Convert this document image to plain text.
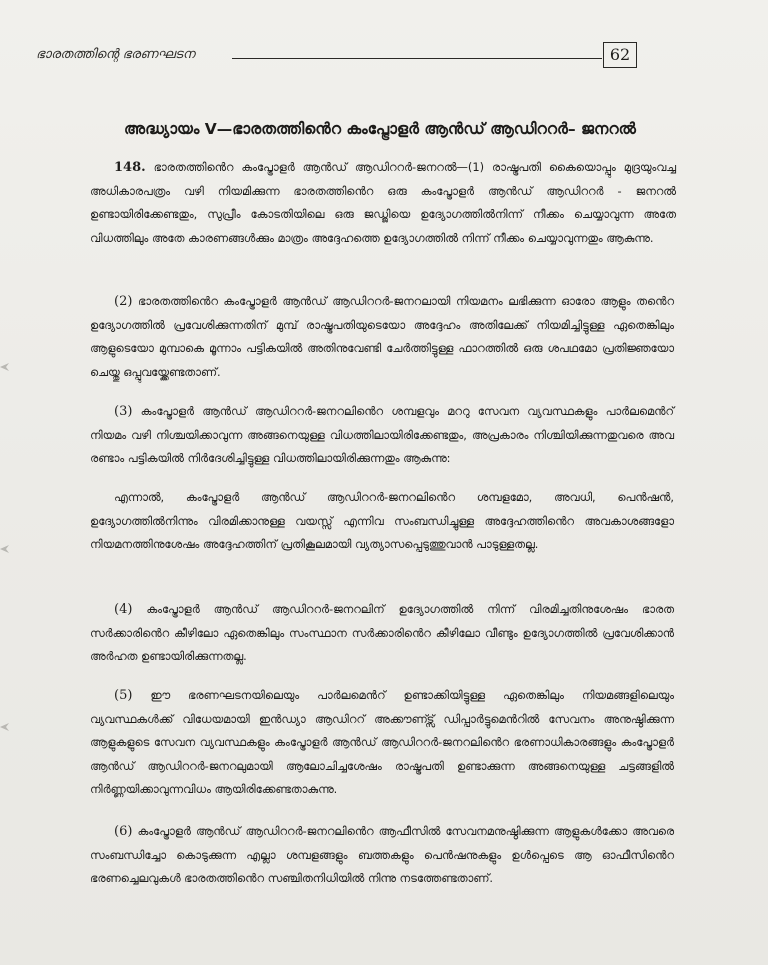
ഭാരതത്തിന്റെ ഭരണഘടന	62
അദ്ധ്യായം V—ഭാരതത്തിൻെറ കംപ്ട്രോളർ ആൻഡ് ആഡിററർ– ജനറൽ

148. ഭാരതത്തിൻെറ കംപ്ട്രോളർ ആൻഡ് ആഡിററർ-ജനറൽ—(1) രാഷ്ട്രപതി കൈയൊപ്പും മുദ്രയുംവച്ച അധികാരപത്രം വഴി നിയമിക്കുന്ന ഭാരതത്തിൻെറ ഒരു കംപ്ട്രോളർ ആൻഡ് ആഡിററർ - ജനറൽ ഉണ്ടായിരിക്കേണ്ടതും, സുപ്രീം കോടതിയിലെ ഒരു ജഡ്ജിയെ ഉദ്യോഗത്തിൽനിന്ന് നീക്കം ചെയ്യാവുന്ന അതേ വിധത്തിലും അതേ കാരണങ്ങൾക്കും മാത്രം അദ്ദേഹത്തെ ഉദ്യോഗത്തിൽ നിന്ന് നീക്കം ചെയ്യാവുന്നതും ആകുന്നു.

(2) ഭാരതത്തിൻെറ കംപ്ട്രോളർ ആൻഡ് ആഡിററർ-ജനറലായി നിയമനം ലഭിക്കുന്ന ഓരോ ആളും തൻെറ ഉദ്യോഗത്തിൽ പ്രവേശിക്കുന്നതിന് മുമ്പ് രാഷ്ട്രപതിയുടെയോ അദ്ദേഹം അതിലേക്ക് നിയമിച്ചിട്ടുള്ള ഏതെങ്കിലും ആളുടെയോ മുമ്പാകെ മൂന്നാം പട്ടികയിൽ അതിനുവേണ്ടി ചേർത്തിട്ടുള്ള ഫാറത്തിൽ ഒരു ശപഥമോ പ്രതിജ്ഞയോ ചെയ്തു ഒപ്പുവയ്ക്കേണ്ടതാണ്.

(3) കംപ്ട്രോളർ ആൻഡ് ആഡിററർ-ജനറലിൻെറ ശമ്പളവും മററു സേവന വ്യവസ്ഥകളും പാർലമെൻറ് നിയമം വഴി നിശ്ചയിക്കാവുന്ന അങ്ങനെയുള്ള വിധത്തിലായിരിക്കേണ്ടതും, അപ്രകാരം നിശ്ചിയിക്കുന്നതുവരെ അവ രണ്ടാം പട്ടികയിൽ നിർദേശിച്ചിട്ടുള്ള വിധത്തിലായിരിക്കുന്നതും ആകുന്നു:

എന്നാൽ, കംപ്ട്രോളർ ആൻഡ് ആഡിററർ-ജനറലിൻെറ ശമ്പളമോ, അവധി, പെൻഷൻ, ഉദ്യോഗത്തിൽനിന്നും വിരമിക്കാനുള്ള വയസ്സ് എന്നിവ സംബന്ധിച്ചുള്ള അദ്ദേഹത്തിൻെറ അവകാശങ്ങളോ നിയമനത്തിനുശേഷം അദ്ദേഹത്തിന് പ്രതികൂലമായി വ്യത്യാസപ്പെടുത്തുവാൻ പാടുള്ളതല്ല.

(4) കംപ്ട്രോളർ ആൻഡ് ആഡിററർ-ജനറലിന് ഉദ്യോഗത്തിൽ നിന്ന് വിരമിച്ചതിനുശേഷം ഭാരത സർക്കാരിൻെറ കീഴിലോ ഏതെങ്കിലും സംസ്ഥാന സർക്കാരിൻെറ കീഴിലോ വീണ്ടും ഉദ്യോഗത്തിൽ പ്രവേശിക്കാൻ അർഹത ഉണ്ടായിരിക്കുന്നതല്ല.

(5) ഈ ഭരണഘടനയിലെയും പാർലമെൻറ് ഉണ്ടാക്കിയിട്ടുള്ള ഏതെങ്കിലും നിയമങ്ങളിലെയും വ്യവസ്ഥകൾക്ക് വിധേയമായി ഇൻഡ്യാ ആഡിററ് അക്കൗണ്ട്സ് ഡിപ്പാർട്ടുമെൻറിൽ സേവനം അനുഷ്ഠിക്കുന്ന ആളുകളുടെ സേവന വ്യവസ്ഥകളും കംപ്ട്രോളർ ആൻഡ് ആഡിററർ-ജനറലിൻെറ ഭരണാധികാരങ്ങളും കംപ്ട്രോളർ ആൻഡ് ആഡിററർ-ജനറലുമായി ആലോചിച്ചശേഷം രാഷ്ട്രപതി ഉണ്ടാക്കുന്ന അങ്ങനെയുള്ള ചട്ടങ്ങളിൽ നിർണ്ണയിക്കാവുന്നവിധം ആയിരിക്കേണ്ടതാകുന്നു.

(6) കംപ്ട്രോളർ ആൻഡ് ആഡിററർ-ജനറലിൻെറ ആഫീസിൽ സേവനമനുഷ്ഠിക്കുന്ന ആളുകൾക്കോ അവരെ സംബന്ധിച്ചോ കൊടുക്കുന്ന എല്ലാ ശമ്പളങ്ങളും ബത്തകളും പെൻഷനുകളും ഉൾപ്പെടെ ആ ഓഫീസിൻെറ ഭരണച്ചെലവുകൾ ഭാരതത്തിൻെറ സഞ്ചിതനിധിയിൽ നിന്നു നടത്തേണ്ടതാണ്.
